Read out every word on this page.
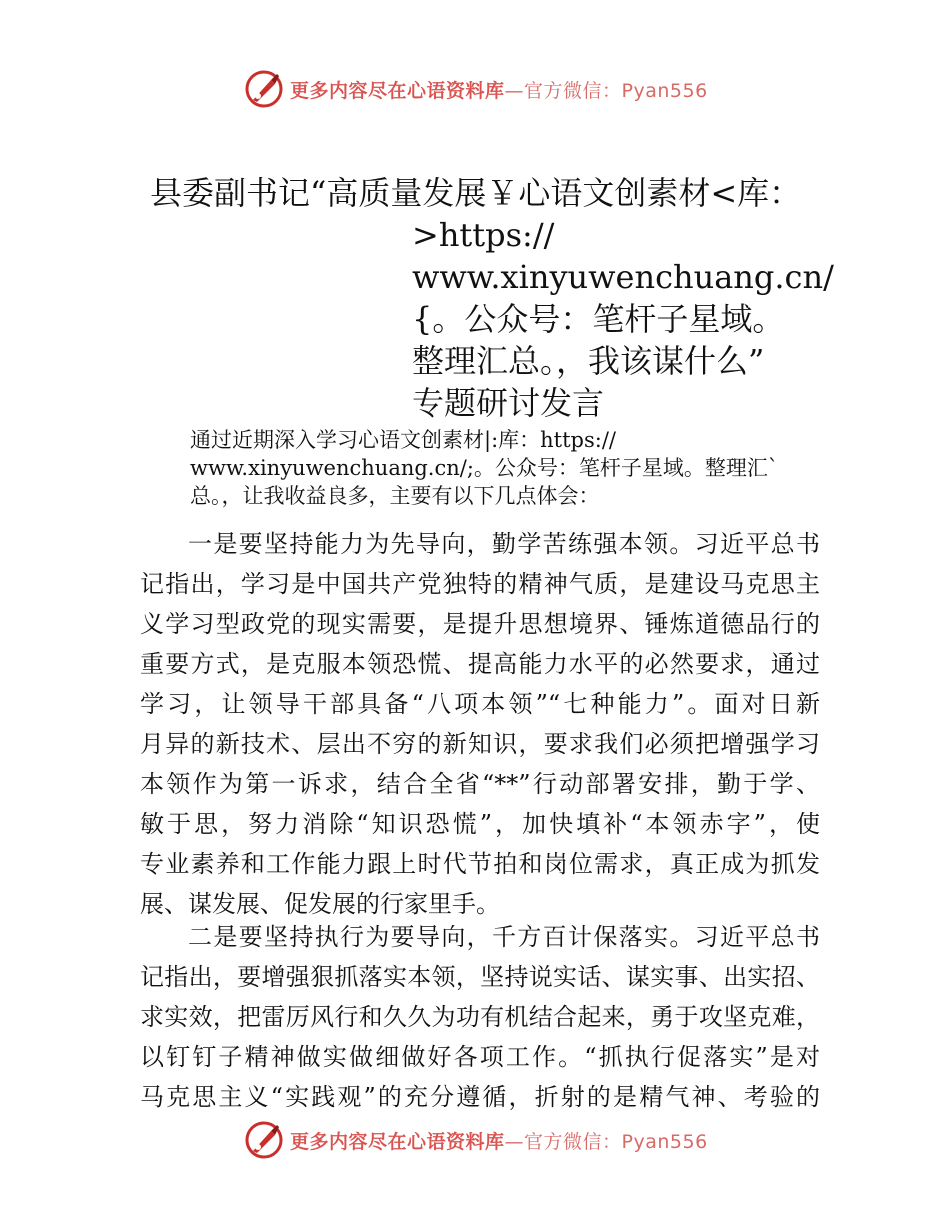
更多内容尽在心语资料库—官方微信：Pyan556
县委副书记“高质量发展￥心语文创素材<库：
>https://
www.xinyuwenchuang.cn/
{。公众号：笔杆子星域。
整理汇总。，我该谋什么”
专题研讨发言
通过近期深入学习心语文创素材|:库：https://
www.xinyuwenchuang.cn/;。公众号：笔杆子星域。整理汇`
总。，让我收益良多，主要有以下几点体会：
一是要坚持能力为先导向，勤学苦练强本领。习近平总书
记指出，学习是中国共产党独特的精神气质，是建设马克思主
义学习型政党的现实需要，是提升思想境界、锤炼道德品行的
重要方式，是克服本领恐慌、提高能力水平的必然要求，通过
学习，让领导干部具备“八项本领”“七种能力”。面对日新
月异的新技术、层出不穷的新知识，要求我们必须把增强学习
本领作为第一诉求，结合全省“**”行动部署安排，勤于学、
敏于思，努力消除“知识恐慌”，加快填补“本领赤字”，使
专业素养和工作能力跟上时代节拍和岗位需求，真正成为抓发
展、谋发展、促发展的行家里手。
二是要坚持执行为要导向，千方百计保落实。习近平总书
记指出，要增强狠抓落实本领，坚持说实话、谋实事、出实招、
求实效，把雷厉风行和久久为功有机结合起来，勇于攻坚克难，
以钉钉子精神做实做细做好各项工作。“抓执行促落实”是对
马克思主义“实践观”的充分遵循，折射的是精气神、考验的
更多内容尽在心语资料库—官方微信：Pyan556
